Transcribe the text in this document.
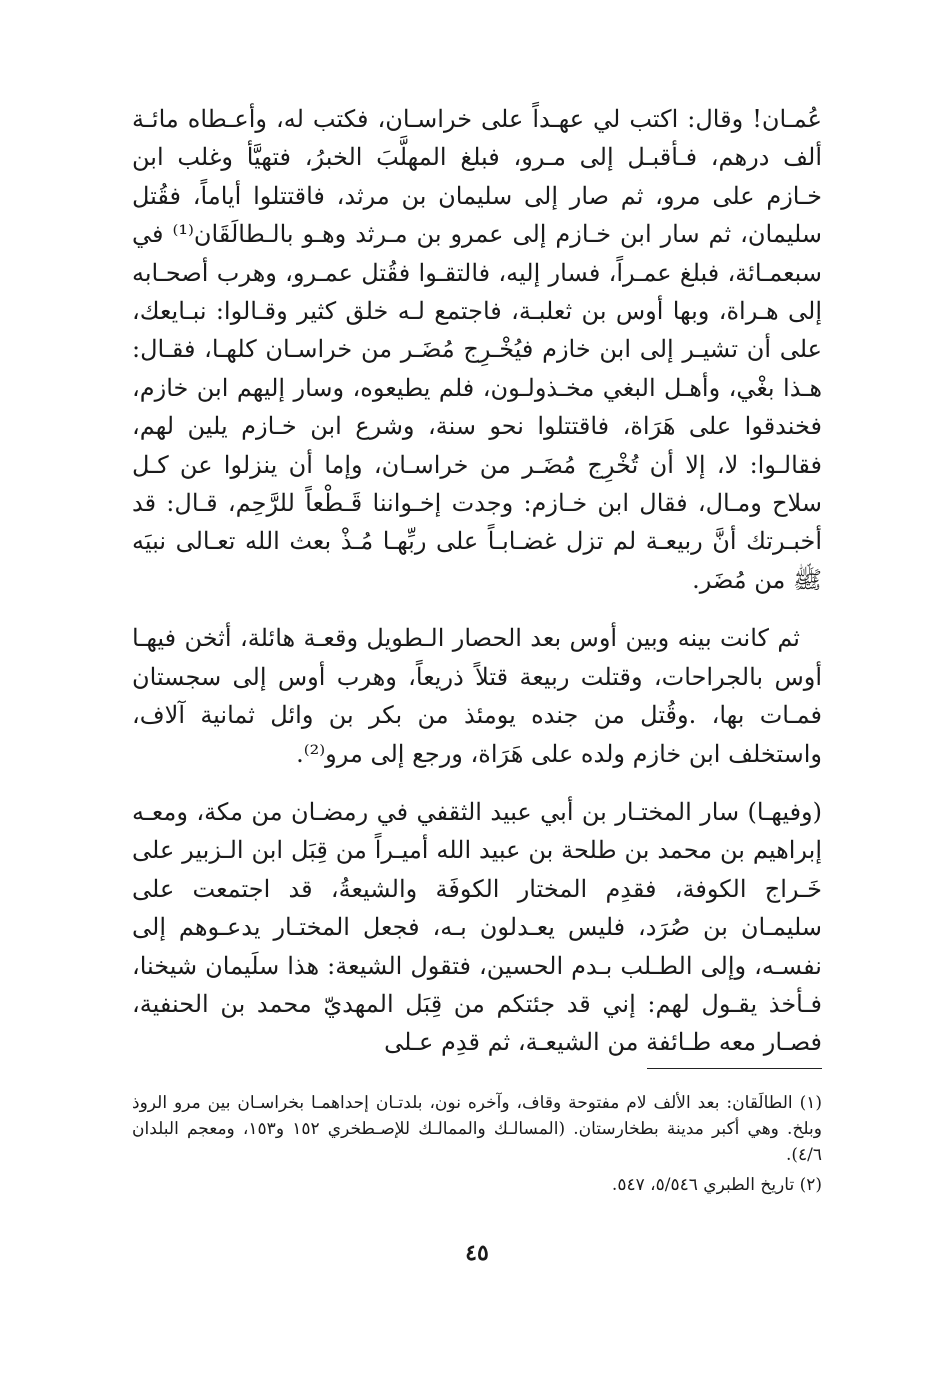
عُمـان! وقال: اكتب لي عهـداً على خراسـان، فكتب له، وأعـطاه مائـة ألف درهم، فـأقبـل إلى مـرو، فبلغ المهلَّبَ الخبرُ، فتهيَّأ وغلب ابن خـازم على مرو، ثم صار إلى سليمان بن مرثد، فاقتتلوا أياماً، فقُتل سليمان، ثم سار ابن خـازم إلى عمرو بن مـرثد وهـو بالـطالَقَان⁽¹⁾ في سبعمـائة، فبلغ عمـراً، فسار إليه، فالتقـوا فقُتل عمـرو، وهرب أصحـابه إلى هـراة، وبها أوس بن ثعلبـة، فاجتمع لـه خلق كثير وقـالوا: نبـايعك، على أن تشيـر إلى ابن خازم فيُخْـرِج مُضَـر من خراسـان كلهـا، فقـال: هـذا بغْي، وأهـل البغي مخـذولـون، فلم يطيعوه، وسار إليهم ابن خازم، فخندقوا على هَرَاة، فاقتتلوا نحو سنة، وشرع ابن خـازم يلين لهم، فقالـوا: لا، إلا أن تُخْرِج مُضَـر من خراسـان، وإما أن ينزلوا عن كـل سلاح ومـال، فقال ابن خـازم: وجدت إخـواننا قَـطْعاً للرَّحِم، قـال: قد أخبـرتك أنَّ ربيعـة لم تزل غضـابـاً على ربِّهـا مُـذْ بعث الله تعـالى نبيَه ﷺ من مُضَر.

ثم كانت بينه وبين أوس بعد الحصار الـطويل وقعـة هائلة، أثخن فيهـا أوس بالجراحات، وقتلت ربيعة قتلاً ذريعاً، وهرب أوس إلى سجستان فمـات بها، .وقُتل من جنده يومئذ من بكر بن وائل ثمانية آلاف، واستخلف ابن خازم ولده على هَرَاة، ورجع إلى مرو⁽²⁾.

(وفيهـا) سار المختـار بن أبي عبيد الثقفي في رمضـان من مكة، ومعـه إبراهيم بن محمد بن طلحة بن عبيد الله أميـراً من قِبَل ابن الـزبير على خَـراج الكوفة، فقدِم المختار الكوفَة والشيعةُ، قد اجتمعت على سليمـان بن صُرَد، فليس يعـدلون بـه، فجعل المختـار يدعـوهم إلى نفسـه، وإلى الطـلب بـدم الحسين، فتقول الشيعة: هذا سلَيمان شيخنا، فـأخذ يقـول لهم: إني قد جئتكم من قِبَل المهديّ محمد بن الحنفية، فصـار معه طـائفة من الشيعـة، ثم قدِم عـلى

(١) الطالَقان: بعد الألف لام مفتوحة وقاف، وآخره نون، بلدتـان إحداهمـا بخراسـان بين مرو الروذ وبلخ. وهي أكبر مدينة بطخارستان. (المسالـك والممالـك للإصـطخري ١٥٢ و١٥٣، ومعجم البلدان ٤/٦).

(٢) تاريخ الطبري ٥/٥٤٦، ٥٤٧.

٤٥
